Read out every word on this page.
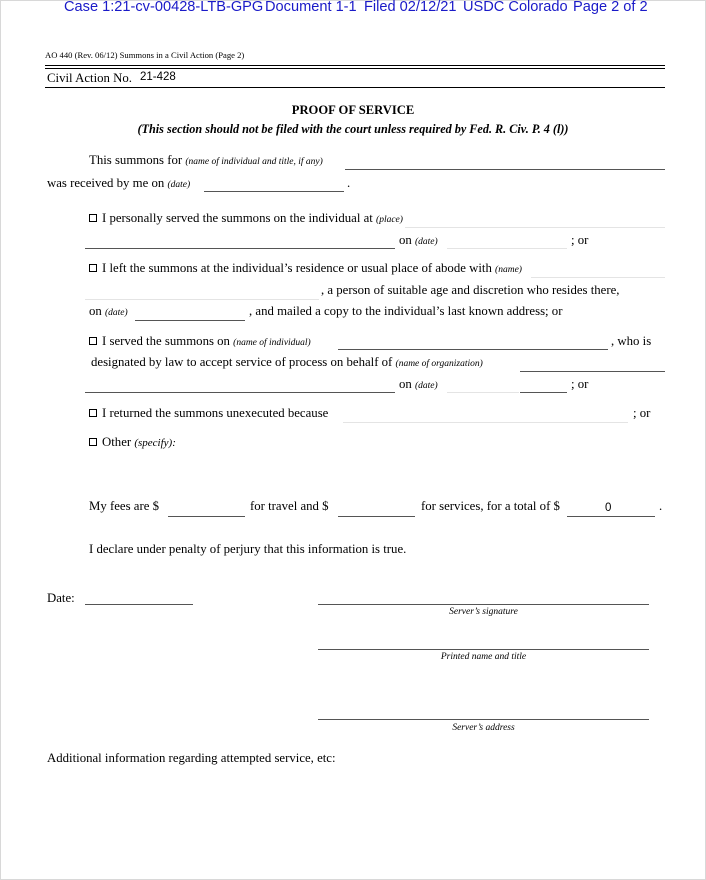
Case 1:21-cv-00428-LTB-GPG Document 1-1 Filed 02/12/21 USDC Colorado Page 2 of 2
AO 440 (Rev. 06/12) Summons in a Civil Action (Page 2)
Civil Action No. 21-428
PROOF OF SERVICE
(This section should not be filed with the court unless required by Fed. R. Civ. P. 4 (l))
This summons for (name of individual and title, if any)
was received by me on (date)	.
I personally served the summons on the individual at (place)
on (date)	; or
I left the summons at the individual’s residence or usual place of abode with (name)
, a person of suitable age and discretion who resides there,
on (date)	, and mailed a copy to the individual’s last known address; or
I served the summons on (name of individual)	, who is
designated by law to accept service of process on behalf of (name of organization)
on (date)	; or
I returned the summons unexecuted because	; or
Other (specify):
My fees are $	for travel and $	for services, for a total of $	0	.
I declare under penalty of perjury that this information is true.
Date:
Server’s signature
Printed name and title
Server’s address
Additional information regarding attempted service, etc:
